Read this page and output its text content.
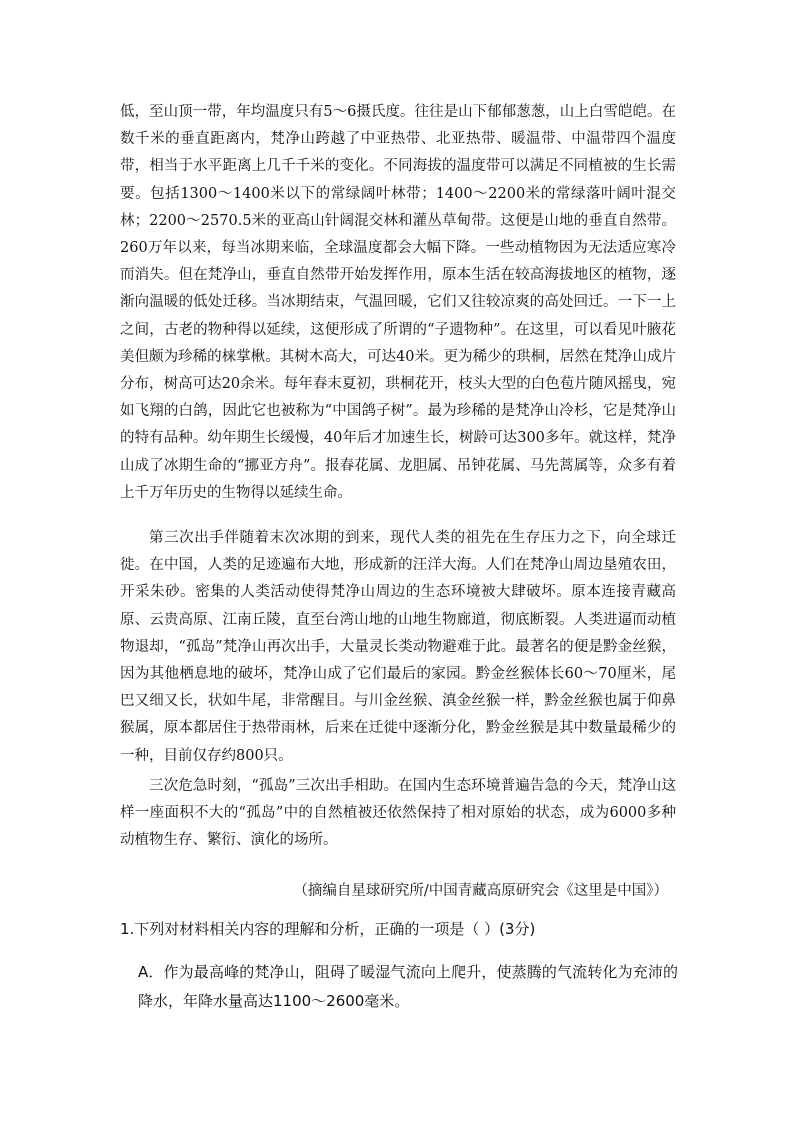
低，至山顶一带，年均温度只有5～6摄氏度。往往是山下郁郁葱葱，山上白雪皑皑。在数千米的垂直距离内，梵净山跨越了中亚热带、北亚热带、暖温带、中温带四个温度带，相当于水平距离上几千千米的变化。不同海拔的温度带可以满足不同植被的生长需要。包括1300～1400米以下的常绿阔叶林带；1400～2200米的常绿落叶阔叶混交林；2200～2570.5米的亚高山针阔混交林和灌丛草甸带。这便是山地的垂直自然带。260万年以来，每当冰期来临，全球温度都会大幅下降。一些动植物因为无法适应寒冷而消失。但在梵净山，垂直自然带开始发挥作用，原本生活在较高海拔地区的植物，逐渐向温暖的低处迁移。当冰期结束，气温回暖，它们又往较凉爽的高处回迁。一下一上之间，古老的物种得以延续，这便形成了所谓的“子遗物种”。在这里，可以看见叶腋花美但颇为珍稀的梾掌楸。其树木高大，可达40米。更为稀少的珙桐，居然在梵净山成片分布，树高可达20余米。每年春末夏初，珙桐花开，枝头大型的白色苞片随风摇曳，宛如飞翔的白鸽，因此它也被称为“中国鸽子树”。最为珍稀的是梵净山冷杉，它是梵净山的特有品种。幼年期生长缓慢，40年后才加速生长，树龄可达300多年。就这样，梵净山成了冰期生命的“挪亚方舟”。报春花属、龙胆属、吊钟花属、马先蒿属等，众多有着上千万年历史的生物得以延续生命。

第三次出手伴随着末次冰期的到来，现代人类的祖先在生存压力之下，向全球迁徙。在中国，人类的足迹遍布大地，形成新的汪洋大海。人们在梵净山周边垦殖农田，开采朱砂。密集的人类活动使得梵净山周边的生态环境被大肆破坏。原本连接青藏高原、云贵高原、江南丘陵，直至台湾山地的山地生物廊道，彻底断裂。人类进逼而动植物退却，“孤岛”梵净山再次出手，大量灵长类动物避难于此。最著名的便是黔金丝猴，因为其他栖息地的破坏，梵净山成了它们最后的家园。黔金丝猴体长60～70厘米，尾巴又细又长，状如牛尾，非常醒目。与川金丝猴、滇金丝猴一样，黔金丝猴也属于仰鼻猴属，原本都居住于热带雨林，后来在迁徙中逐渐分化，黔金丝猴是其中数量最稀少的一种，目前仅存约800只。

三次危急时刻，“孤岛”三次出手相助。在国内生态环境普遍告急的今天，梵净山这样一座面积不大的“孤岛”中的自然植被还依然保持了相对原始的状态，成为6000多种动植物生存、繁衍、演化的场所。

（摘编自星球研究所/中国青藏高原研究会《这里是中国》）

1.下列对材料相关内容的理解和分析，正确的一项是（ ）(3分)

A．作为最高峰的梵净山，阻碍了暖湿气流向上爬升，使蒸腾的气流转化为充沛的降水，年降水量高达1100～2600毫米。
